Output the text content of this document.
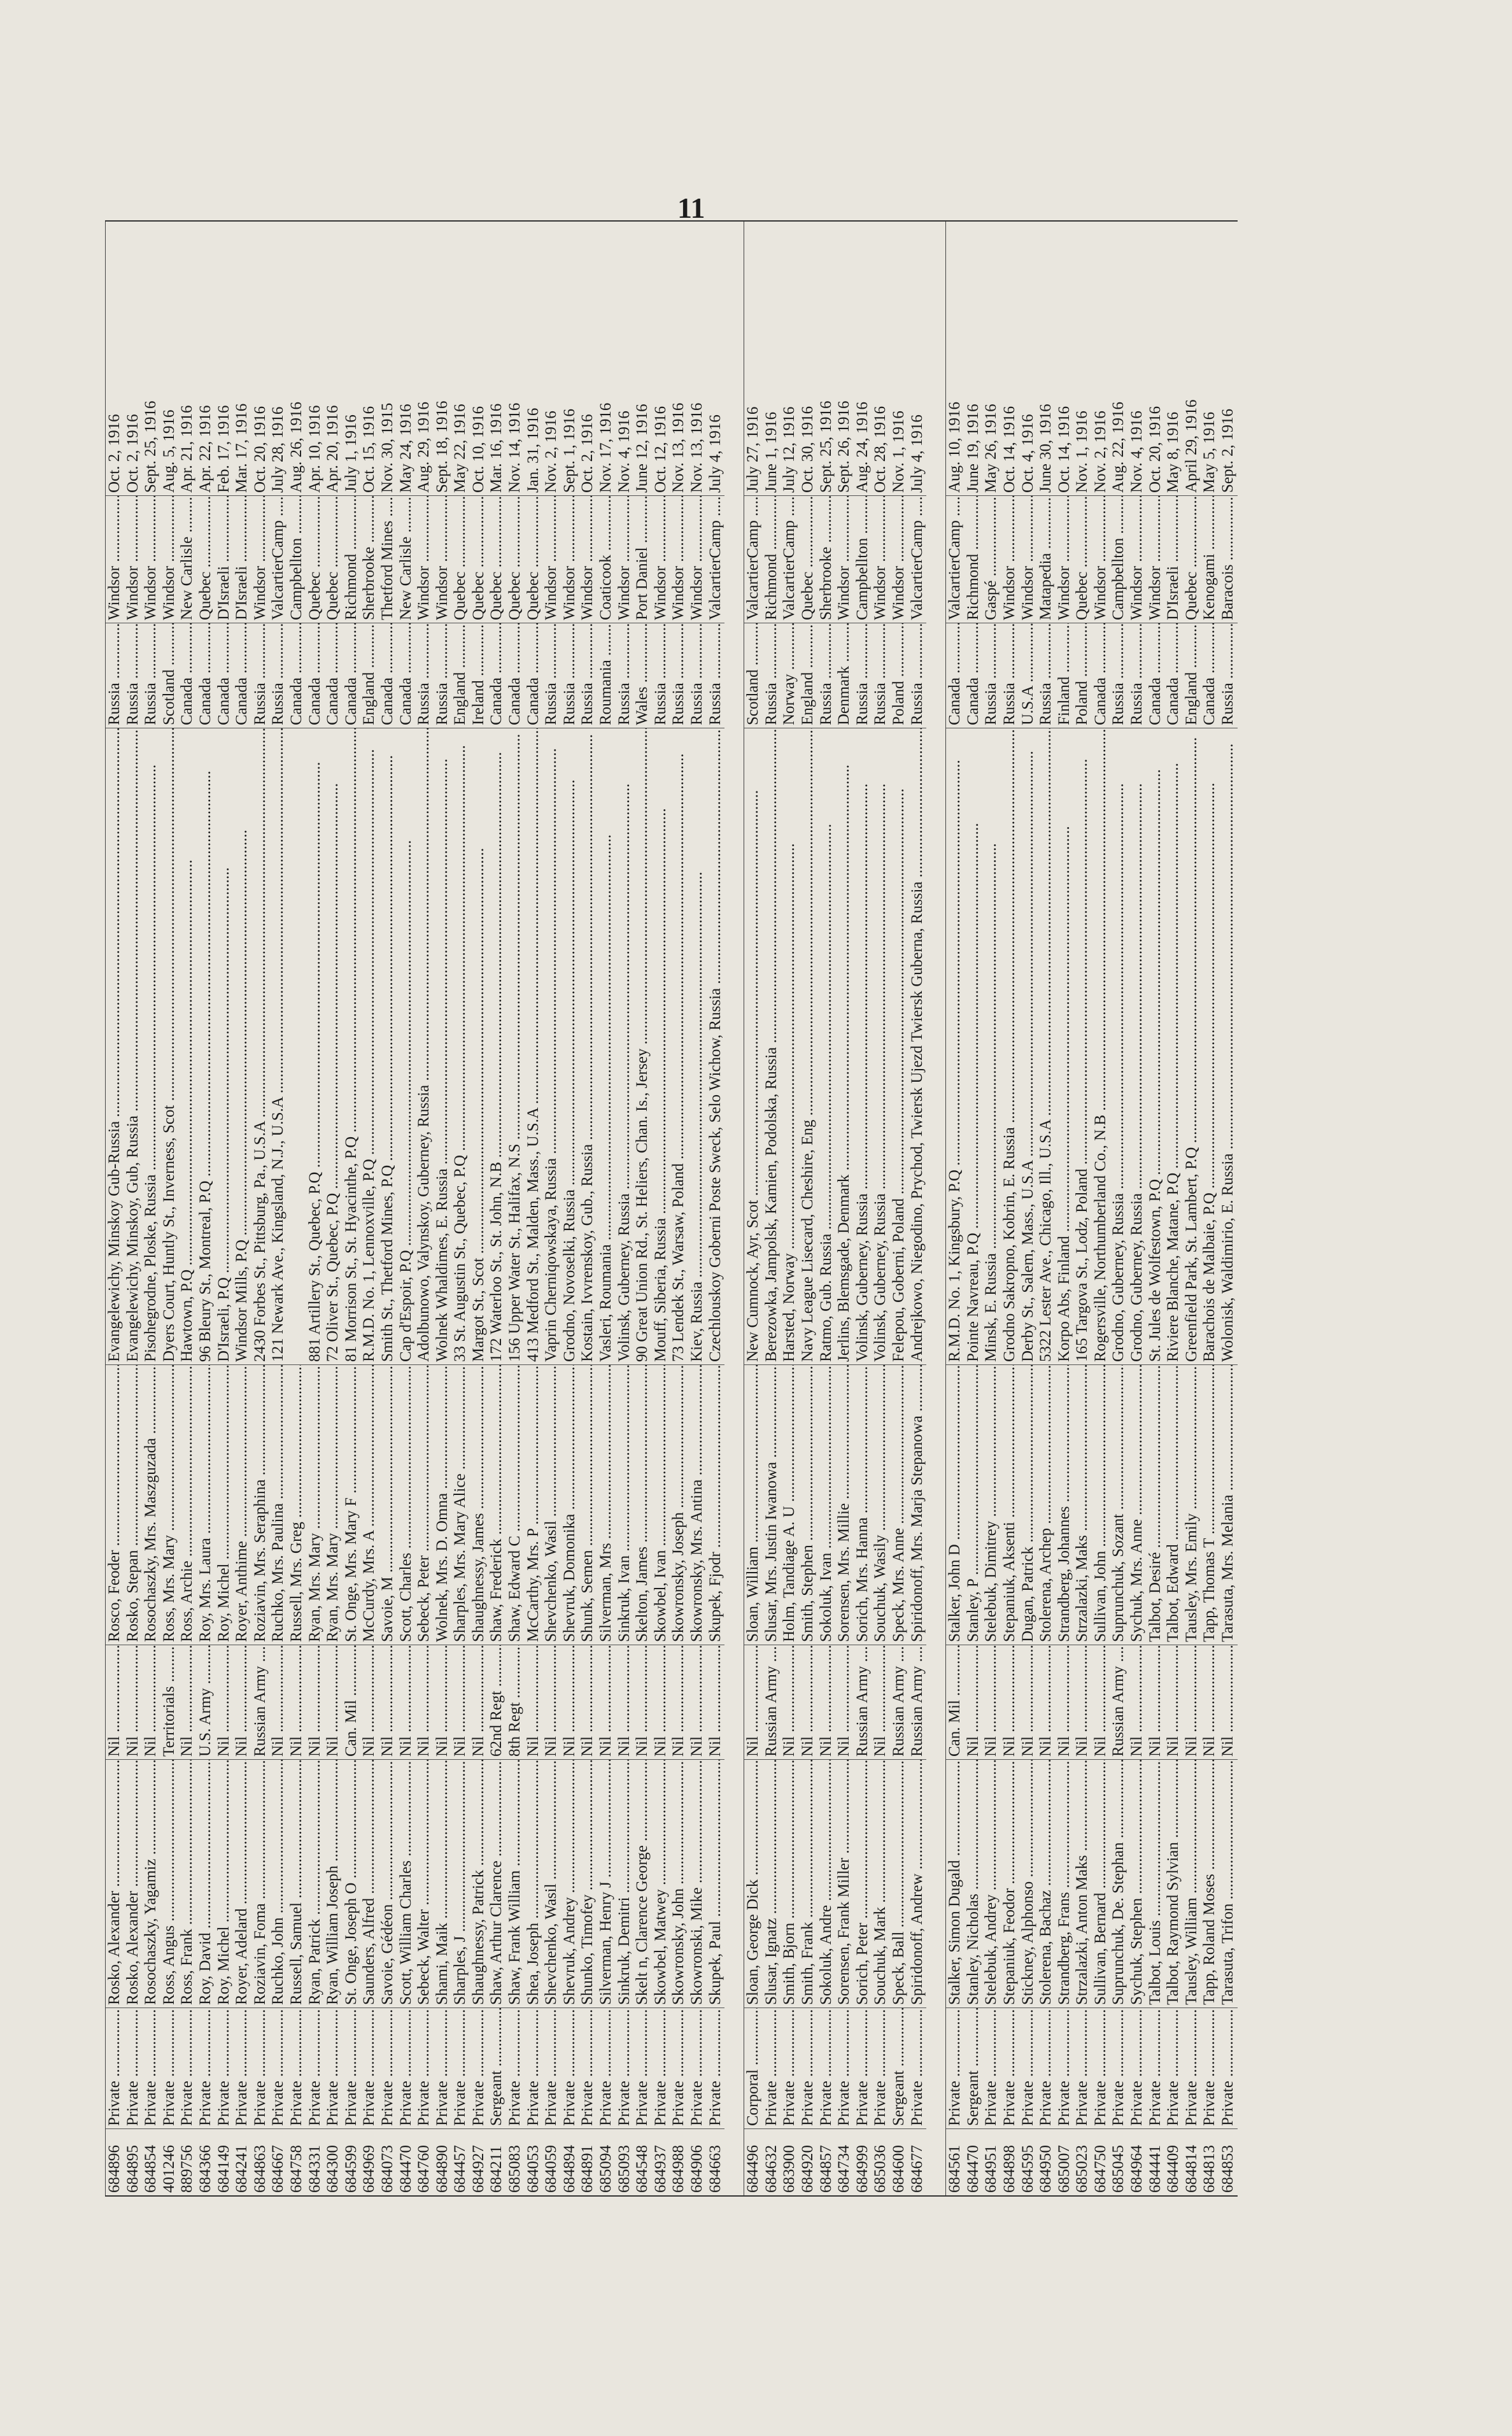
11
684896
Private .....
Rosko, Alexander .....
Nil .....
Rosco, Feoder .....
Evangelewichy, Minskoy Gub-Russia .....
Russia .....
Windsor .....
Oct. 2, 1916
684895
Private .....
Rosko, Alexander .....
Nil .....
Rosko, Stepan .....
Evangelewichy, Minskoy, Gub, Russia .....
Russia .....
Windsor .....
Oct. 2, 1916
684854
Private .....
Rosochaszky, Yagamiz .....
Nil .....
Rosochaszky, Mrs. Maszguzada .....
Pisohegrodne, Ploske, Russia .....
Russia .....
Windsor .....
Sept. 25, 1916
401246
Private .....
Ross, Angus .....
Territorials .....
Ross, Mrs. Mary .....
Dyers Court, Huntly St., Inverness, Scot .....
Scotland .....
Windsor .....
Aug. 5, 1916
889756
Private .....
Ross, Frank .....
Nil .....
Ross, Archie .....
Hawtown, P.Q .....
Canada .....
New Carlisle .....
Apr. 21, 1916
684366
Private .....
Roy, David .....
U.S. Army .....
Roy, Mrs. Laura .....
96 Bleury St., Montreal, P.Q .....
Canada .....
Quebec .....
Apr. 22, 1916
684149
Private .....
Roy, Michel .....
Nil .....
Roy, Michel .....
D'Israeli, P.Q .....
Canada .....
D'Israeli .....
Feb. 17, 1916
684241
Private .....
Royer, Adelard .....
Nil .....
Royer, Anthime .....
Windsor Mills, P.Q .....
Canada .....
D'Israeli .....
Mar. 17, 1916
684863
Private .....
Roziavin, Foma .....
Russian Army .....
Roziavin, Mrs. Seraphina .....
2430 Forbes St., Pittsburg, Pa., U.S.A .....
Russia .....
Windsor .....
Oct. 20, 1916
684667
Private .....
Ruchko, John .....
Nil .....
Ruchko, Mrs. Paulina .....
121 Newark Ave., Kingsland, N.J., U.S.A .....
Russia .....
ValcartierCamp .....
July 28, 1916
684758
Private .....
Russell, Samuel .....
Nil .....
Russell, Mrs. Greg .....
Canada .....
Campbellton .....
Aug. 26, 1916
684331
Private .....
Ryan, Patrick .....
Nil .....
Ryan, Mrs. Mary .....
881 Artillery St., Quebec, P.Q .....
Canada .....
Quebec .....
Apr. 10, 1916
684300
Private .....
Ryan, William Joseph .....
Nil .....
Ryan, Mrs. Mary .....
72 Oliver St., Quebec, P.Q .....
Canada .....
Quebec .....
Apr. 20, 1916
684599
Private .....
St. Onge, Joseph O .....
Can. Mil .....
St. Onge, Mrs. Mary F .....
81 Morrison St., St. Hyacinthe, P.Q .....
Canada .....
Richmond .....
July 1, 1916
684969
Private .....
Saunders, Alfred .....
Nil .....
McCurdy, Mrs. A .....
R.M.D. No. 1, Lennoxville, P.Q .....
England .....
Sherbrooke .....
Oct. 15, 1916
684073
Private .....
Savoie, Gédéon .....
Nil .....
Savoie, M .....
Smith St., Thetford Mines, P.Q .....
Canada .....
Thetford Mines .....
Nov. 30, 1915
684470
Private .....
Scott, William Charles .....
Nil .....
Scott, Charles .....
Cap d'Espoir, P.Q .....
Canada .....
New Carlisle .....
May 24, 1916
684760
Private .....
Sebeck, Walter .....
Nil .....
Sebeck, Peter .....
Adolbunowo, Valynskoy, Guberney, Russia .....
Russia .....
Windsor .....
Aug. 29, 1916
684890
Private .....
Shami, Maik .....
Nil .....
Wolnek, Mrs. D. Omna .....
Wolnek Whaldimes, E. Russia .....
Russia .....
Windsor .....
Sept. 18, 1916
684457
Private .....
Sharples, J .....
Nil .....
Sharples, Mrs. Mary Alice .....
33 St. Augustin St., Quebec, P.Q .....
England .....
Quebec .....
May 22, 1916
684927
Private .....
Shaughnessy, Patrick .....
Nil .....
Shaughnessy, James .....
Margot St., Scot .....
Ireland .....
Quebec .....
Oct. 10, 1916
684211
Sergeant .....
Shaw, Arthur Clarence .....
62nd Regt .....
Shaw, Frederick .....
172 Waterloo St., St. John, N.B .....
Canada .....
Quebec .....
Mar. 16, 1916
685083
Private .....
Shaw, Frank William .....
8th Regt .....
Shaw, Edward C .....
156 Upper Water St., Halifax, N.S .....
Canada .....
Quebec .....
Nov. 14, 1916
684053
Private .....
Shea, Joseph .....
Nil .....
McCarthy, Mrs. P .....
413 Medford St., Malden, Mass., U.S.A .....
Canada .....
Quebec .....
Jan. 31, 1916
684059
Private .....
Shevchenko, Wasil .....
Nil .....
Shevchenko, Wasil .....
Vaprin Cherniqowskaya, Russia .....
Russia .....
Windsor .....
Nov. 2, 1916
684894
Private .....
Shevruk, Andrey .....
Nil .....
Shevruk, Domonika .....
Grodno, Novoselki, Russia .....
Russia .....
Windsor .....
Sept. 1, 1916
684891
Private .....
Shunko, Timofey .....
Nil .....
Shunk, Semen .....
Kostain, Ivvrenskoy, Gub., Russia .....
Russia .....
Windsor .....
Oct. 2, 1916
685094
Private .....
Silverman, Henry J .....
Nil .....
Silverman, Mrs .....
Vasleri, Roumania .....
Roumania .....
Coaticook .....
Nov. 17, 1916
685093
Private .....
Sinkruk, Demitri .....
Nil .....
Sinkruk, Ivan .....
Volinsk, Guberney, Russia .....
Russia .....
Windsor .....
Nov. 4, 1916
684548
Private .....
Skelt n, Clarence George .....
Nil .....
Skelton, James .....
90 Great Union Rd., St. Heliers, Chan. Is., Jersey .....
Wales .....
Port Daniel .....
June 12, 1916
684937
Private .....
Skowbel, Matwey .....
Nil .....
Skowbel, Ivan .....
Mouff, Siberia, Russia .....
Russia .....
Windsor .....
Oct. 12, 1916
684988
Private .....
Skowronsky, John .....
Nil .....
Skowronsky, Joseph .....
73 Lendek St., Warsaw, Poland .....
Russia .....
Windsor .....
Nov. 13, 1916
684906
Private .....
Skowronski, Mike .....
Nil .....
Skowronsky, Mrs. Antina .....
Kiev, Russia .....
Russia .....
Windsor .....
Nov. 13, 1916
684663
Private .....
Skupek, Paul .....
Nil .....
Skupek, Fjodr .....
Czechlouskoy Goberni Poste Sweck, Selo Wichow, Russia .....
Russia .....
ValcartierCamp .....
July 4, 1916
684496
Corporal .....
Sloan, George Dick .....
Nil .....
Sloan, William .....
New Cumnock, Ayr, Scot .....
Scotland .....
ValcartierCamp .....
July 27, 1916
684632
Private .....
Slusar, Ignatz .....
Russian Army .....
Slusar, Mrs. Justin Iwanowa .....
Berezowka, Jampolsk, Kamien, Podolska, Russia .....
Russia .....
Richmond .....
June 1, 1916
683900
Private .....
Smith, Bjorn .....
Nil .....
Holm, Tandiage A. U .....
Harsted, Norway .....
Norway .....
ValcartierCamp .....
July 12, 1916
684920
Private .....
Smith, Frank .....
Nil .....
Smith, Stephen .....
Navy League Lisecard, Cheshire, Eng .....
England .....
Quebec .....
Oct. 30, 1916
684857
Private .....
Sokoluk, Andre .....
Nil .....
Sokoluk, Ivan .....
Ratmo, Gub. Russia .....
Russia .....
Sherbrooke .....
Sept. 25, 1916
684734
Private .....
Sorensen, Frank Miller .....
Nil .....
Sorensen, Mrs. Millie .....
Jerlins, Blemsgade, Denmark .....
Denmark .....
Windsor .....
Sept. 26, 1916
684999
Private .....
Sorich, Peter .....
Russian Army .....
Sorich, Mrs. Hanna .....
Volinsk, Guberney, Russia .....
Russia .....
Campbellton .....
Aug. 24, 1916
685036
Private .....
Souchuk, Mark .....
Nil .....
Souchuk, Wasily .....
Volinsk, Guberney, Russia .....
Russia .....
Windsor .....
Oct. 28, 1916
684600
Sergeant .....
Speck, Ball .....
Russian Army .....
Speck, Mrs. Anne .....
Felepou, Goberni, Poland .....
Poland .....
Windsor .....
Nov. 1, 1916
684677
Private .....
Spiridonoff, Andrew .....
Russian Army .....
Spiridonoff, Mrs. Marja Stepanowa .....
Andrejkowo, Niegodino, Prychod, Twiersk Ujezd Twiersk Guberna, Russia .....
Russia .....
ValcartierCamp .....
July 4, 1916
684561
Private .....
Stalker, Simon Dugald .....
Can. Mil .....
Stalker, John D .....
R.M.D. No. 1, Kingsbury, P.Q .....
Canada .....
ValcartierCamp .....
Aug. 10, 1916
684470
Sergeant .....
Stanley, Nicholas .....
Nil .....
Stanley, P .....
Pointe Navreau, P.Q .....
Canada .....
Richmond .....
June 19, 1916
684951
Private .....
Stelebuk, Andrey .....
Nil .....
Stelebuk, Dimitrey .....
Minsk, E. Russia .....
Russia .....
Gaspé .....
May 26, 1916
684898
Private .....
Stepaniuk, Feodor .....
Nil .....
Stepaniuk, Aksenti .....
Grodno Sakropno, Kobrin, E. Russia .....
Russia .....
Windsor .....
Oct. 14, 1916
684595
Private .....
Stickney, Alphonso .....
Nil .....
Dugan, Patrick .....
Derby St., Salem, Mass., U.S.A .....
U.S.A .....
Windsor .....
Oct. 4, 1916
684950
Private .....
Stolerena, Bachaz .....
Nil .....
Stolerena, Archep .....
5322 Lester Ave., Chicago, Ill., U.S.A .....
Russia .....
Matapedia .....
June 30, 1916
685007
Private .....
Strandberg, Frans .....
Nil .....
Strandberg, Johannes .....
Korpo Abs, Finland .....
Finland .....
Windsor .....
Oct. 14, 1916
685023
Private .....
Strzalazki, Anton Maks .....
Nil .....
Strzalazki, Maks .....
165 Targova St., Lodz, Poland .....
Poland .....
Quebec .....
Nov. 1, 1916
684750
Private .....
Sullivan, Bernard .....
Nil .....
Sullivan, John .....
Rogersville, Northumberland Co., N.B .....
Canada .....
Windsor .....
Nov. 2, 1916
685045
Private .....
Suprunchuk, De. Stephan .....
Russian Army .....
Suprunchuk, Sozant .....
Grodno, Guberney, Russia .....
Russia .....
Campbellton .....
Aug. 22, 1916
684964
Private .....
Sychuk, Stephen .....
Nil .....
Sychuk, Mrs. Anne .....
Grodno, Guberney, Russia .....
Russia .....
Windsor .....
Nov. 4, 1916
684441
Private .....
Talbot, Louis .....
Nil .....
Talbot, Desiré .....
St. Jules de Wolfestown, P.Q .....
Canada .....
Windsor .....
Oct. 20, 1916
684409
Private .....
Talbot, Raymond Sylvian .....
Nil .....
Talbot, Edward .....
Riviere Blanche, Matane, P.Q .....
Canada .....
D'Israeli .....
May 8, 1916
684814
Private .....
Tausley, William .....
Nil .....
Tausley, Mrs. Emily .....
Greenfield Park, St. Lambert, P.Q .....
England .....
Quebec .....
April 29, 1916
684813
Private .....
Tapp, Roland Moses .....
Nil .....
Tapp, Thomas T .....
Barachois de Malbaie, P.Q .....
Canada .....
Kenogami .....
May 5, 1916
684853
Private .....
Tarasuta, Trifon .....
Nil .....
Tarasuta, Mrs. Melania .....
Wolonisk, Waldimirio, E. Russia .....
Russia .....
Baracois .....
Sept. 2, 1916
